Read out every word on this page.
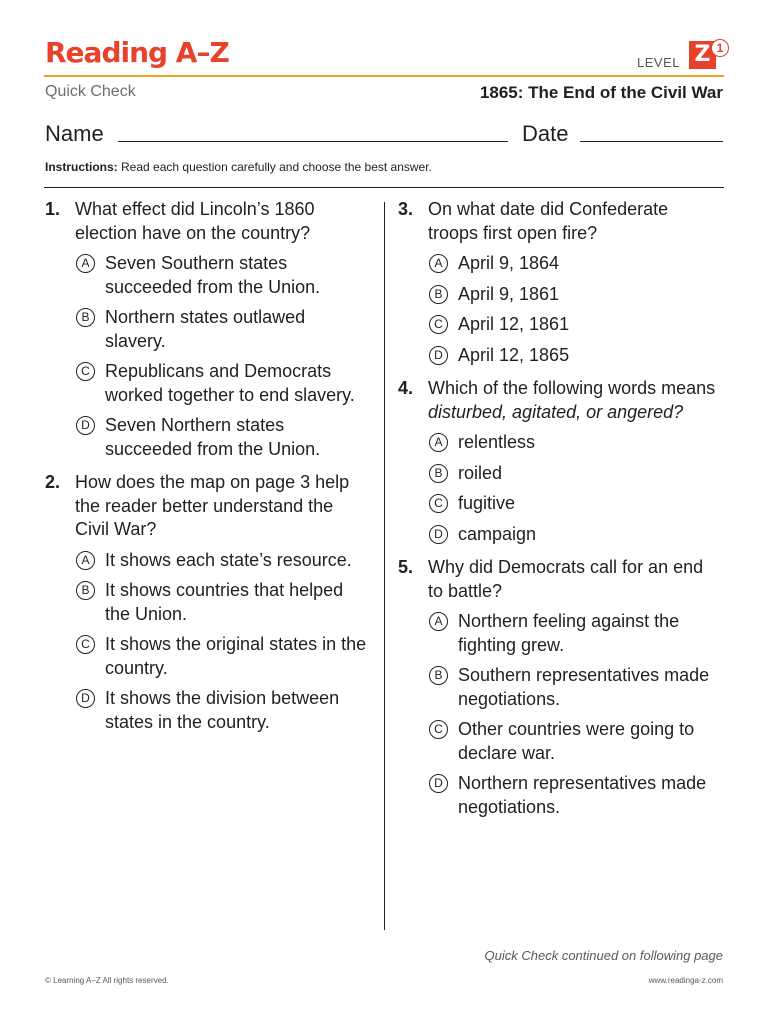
Reading A–Z	LEVEL Z 1
Quick Check	1865: The End of the Civil War
Name	Date
Instructions: Read each question carefully and choose the best answer.
1. What effect did Lincoln’s 1860 election have on the country?
A Seven Southern states succeeded from the Union.
B Northern states outlawed slavery.
C Republicans and Democrats worked together to end slavery.
D Seven Northern states succeeded from the Union.
2. How does the map on page 3 help the reader better understand the Civil War?
A It shows each state’s resource.
B It shows countries that helped the Union.
C It shows the original states in the country.
D It shows the division between states in the country.
3. On what date did Confederate troops first open fire?
A April 9, 1864
B April 9, 1861
C April 12, 1861
D April 12, 1865
4. Which of the following words means disturbed, agitated, or angered?
A relentless
B roiled
C fugitive
D campaign
5. Why did Democrats call for an end to battle?
A Northern feeling against the fighting grew.
B Southern representatives made negotiations.
C Other countries were going to declare war.
D Northern representatives made negotiations.
Quick Check continued on following page
© Learning A–Z All rights reserved.	www.readinga-z.com
